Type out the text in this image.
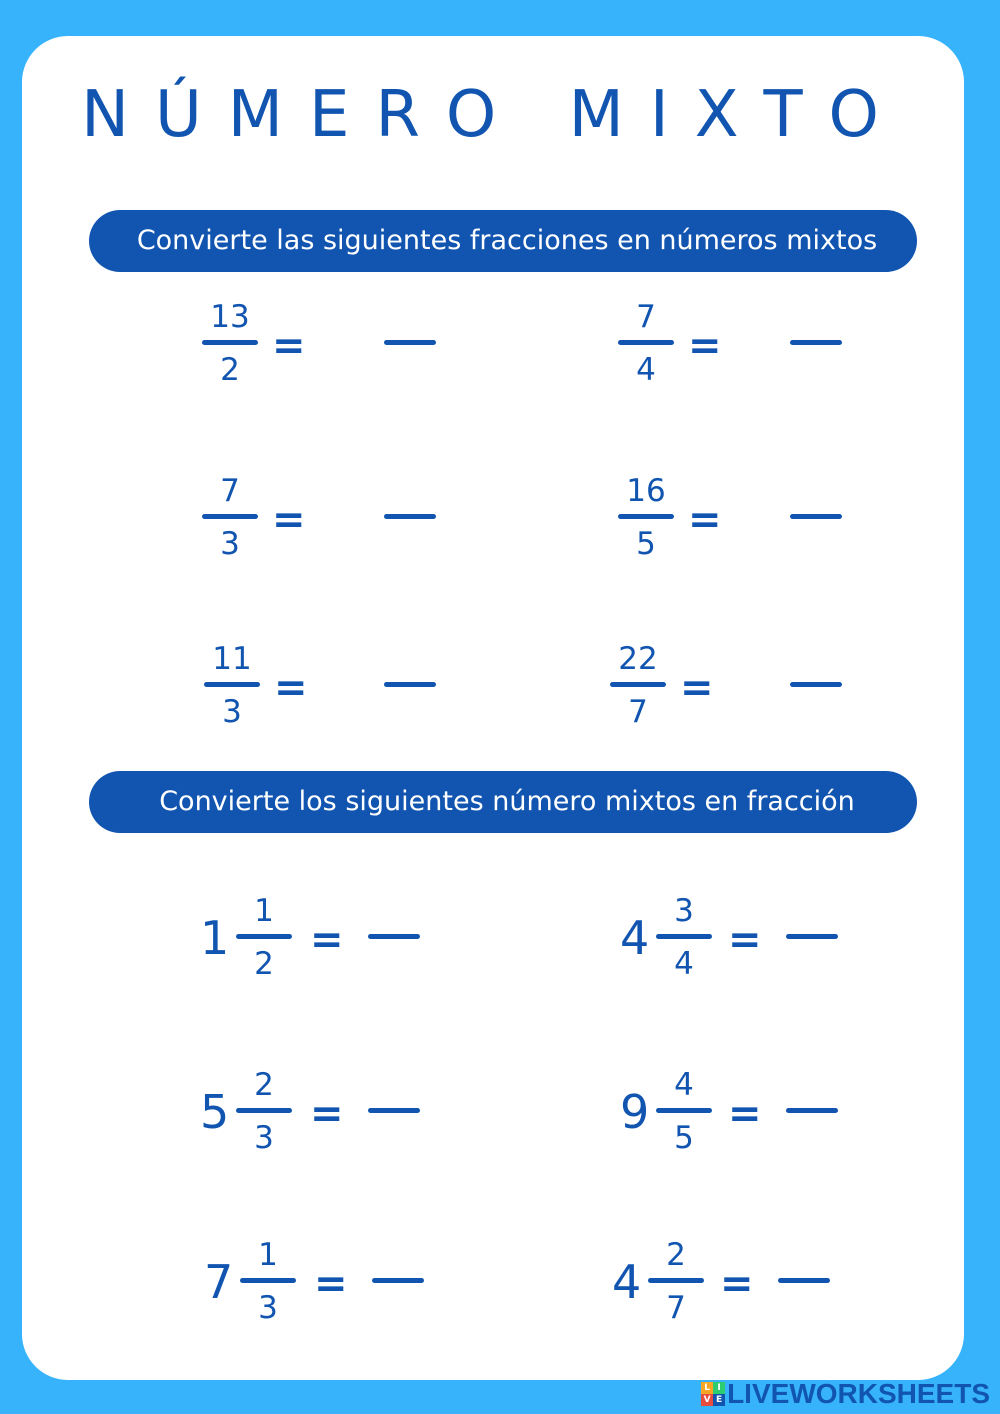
NÚMERO MIXTO
Convierte las siguientes fracciones en números mixtos
13
2
=
7
4
=
7
3
=
16
5
=
11
3
=
22
7
=
Convierte los siguientes número mixtos en fracción
1 1
2
=	4 3
4
=
5 2
3
=	9 4
5
=
7 1
3
=	4 2
7
=
L I
V E LIVEWORKSHEETS
